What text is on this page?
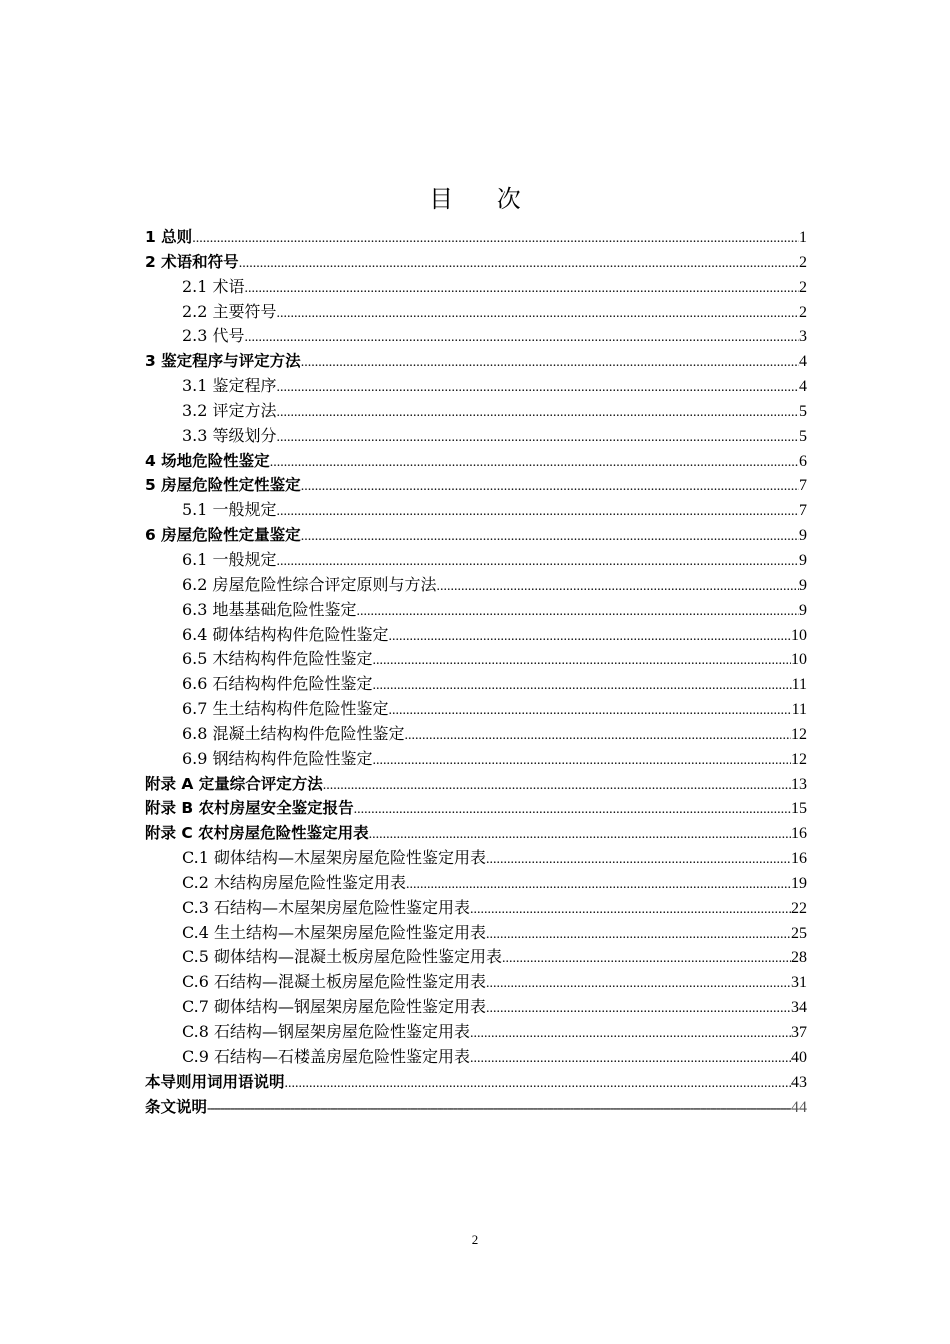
目 次
1 总则 .....	1
2 术语和符号 .....	2
2.1 术语 .....	2
2.2 主要符号 .....	2
2.3 代号 .....	3
3 鉴定程序与评定方法 .....	4
3.1 鉴定程序 .....	4
3.2 评定方法 .....	5
3.3 等级划分 .....	5
4 场地危险性鉴定 .....	6
5 房屋危险性定性鉴定 .....	7
5.1 一般规定 .....	7
6 房屋危险性定量鉴定 .....	9
6.1 一般规定 .....	9
6.2 房屋危险性综合评定原则与方法 .....	9
6.3 地基基础危险性鉴定 .....	9
6.4 砌体结构构件危险性鉴定 .....	10
6.5 木结构构件危险性鉴定 .....	10
6.6 石结构构件危险性鉴定 .....	11
6.7 生土结构构件危险性鉴定 .....	11
6.8 混凝土结构构件危险性鉴定 .....	12
6.9 钢结构构件危险性鉴定 .....	12
附录 A 定量综合评定方法 .....	13
附录 B 农村房屋安全鉴定报告 .....	15
附录 C 农村房屋危险性鉴定用表 .....	16
C.1 砌体结构—木屋架房屋危险性鉴定用表 .....	16
C.2 木结构房屋危险性鉴定用表 .....	19
C.3 石结构—木屋架房屋危险性鉴定用表 .....	22
C.4 生土结构—木屋架房屋危险性鉴定用表 .....	25
C.5 砌体结构—混凝土板房屋危险性鉴定用表 .....	28
C.6 石结构—混凝土板房屋危险性鉴定用表 .....	31
C.7 砌体结构—钢屋架房屋危险性鉴定用表 .....	34
C.8 石结构—钢屋架房屋危险性鉴定用表 .....	37
C.9 石结构—石楼盖房屋危险性鉴定用表 .....	40
本导则用词用语说明 .....	43
条文说明 -----	44
2
